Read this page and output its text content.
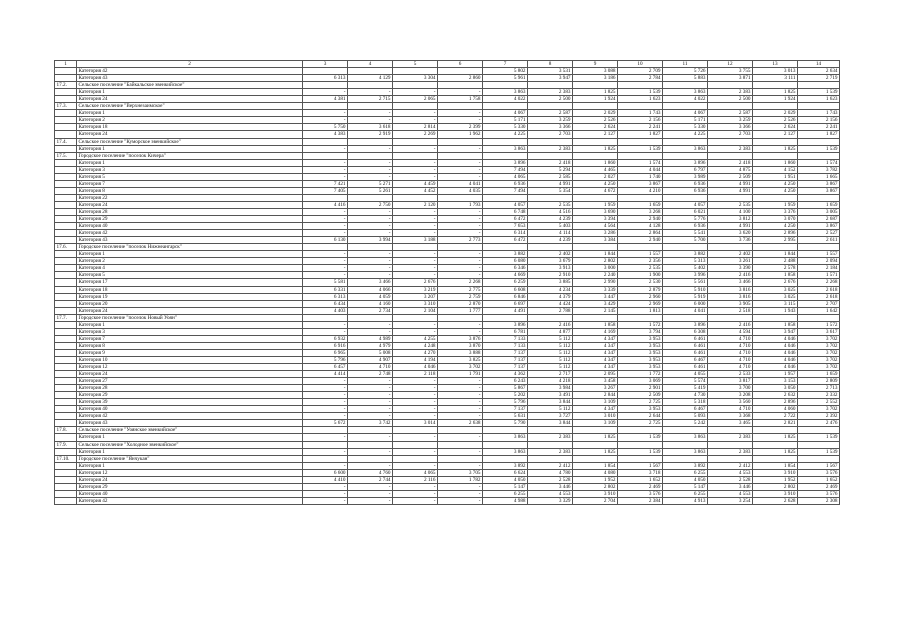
1	2	3	4	5	6	7	8	9	10	11	12	13	14
	Категория 42					5 802	3 531	3 088	2 709	5 726	3 755	3 013	2 634
	Категория 43	6 313	4 129	3 304	2 860	5 961	3 947	3 186	2 784	5 883	3 871	3 111	2 719
17.2.	Сельское поселение "Байкальское эвенкийское"												
	Категория 1	-	-	-	-	3 863	2 383	1 825	1 539	3 863	2 383	1 825	1 539
	Категория 24	4 381	2 715	2 065	1 758	4 022	2 500	1 924	1 623	4 022	2 500	1 924	1 623
17.3.	Сельское поселение "Верхнезаимское"												
	Категория 1	-	-	-	-	4 067	2 587	2 029	1 743	4 067	2 587	2 029	1 743
	Категория 2	-	-	-	-	5 171	3 259	2 526	2 156	5 171	3 259	2 526	2 156
	Категория 18	5 750	3 618	2 814	2 399	5 330	3 366	2 624	2 241	5 330	3 366	2 624	2 241
	Категория 24	4 383	2 919	2 269	1 962	4 225	2 703	2 127	1 827	4 225	2 703	2 127	1 827
17.4.	Сельское поселение "Куморское эвенкийское"												
	Категория 1	-	-	-	-	3 863	2 383	1 825	1 539	3 863	2 383	1 825	1 539
17.5.	Городское поселение "поселок Кичера"												
	Категория 1	-	-	-	-	3 896	2 418	1 860	1 574	3 896	2 418	1 860	1 574
	Категория 3	-	-	-	-	7 494	5 294	4 465	4 044	6 797	4 875	4 152	3 782
	Категория 5	-	-	-	-	4 065	2 585	2 027	1 740	3 989	2 509	1 951	1 665
	Категория 7	7 421	5 271	4 459	4 041	6 936	4 991	4 250	3 867	6 936	4 991	4 250	3 867
	Категория 8	7 405	5 261	4 452	4 035	7 494	5 354	4 672	4 210	6 936	4 991	4 250	3 867
	Категория 22												
	Категория 24	4 416	2 750	2 120	1 793	4 057	2 535	1 959	1 659	4 057	2 535	1 959	1 659
	Категория 28	-	-	-	-	6 748	4 516	3 690	3 268	6 021	4 100	3 376	3 005
	Категория 29	-	-	-	-	6 472	4 239	3 394	2 940	5 776	3 812	3 070	2 687
	Категория 40	-	-	-	-	7 653	5 403	4 564	4 128	6 936	4 991	4 250	3 867
	Категория 42	-	-	-	-	6 314	4 114	3 286	2 864	5 541	3 620	2 896	2 527
	Категория 43	6 130	3 994	3 188	2 773	6 472	4 239	3 384	2 940	5 700	3 736	2 995	2 611
17.6.	Городское поселение "поселок Нижнеангарск"												
	Категория 1	-	-	-	-	3 882	2 402	1 844	1 557	3 882	2 402	1 844	1 557
	Категория 2	-	-	-	-	6 080	3 679	2 802	2 356	5 313	3 261	2 488	2 094
	Категория 4	-	-	-	-	6 346	3 913	3 000	2 535	5 402	3 390	2 578	2 184
	Категория 5	-	-	-	-	4 669	2 910	2 240	1 900	3 996	2 416	1 858	1 571
	Категория 17	5 581	3 466	2 676	2 268	6 259	3 885	2 990	2 530	5 561	3 466	2 676	2 268
	Категория 18	6 331	4 066	3 219	2 775	6 608	4 234	3 339	2 879	5 910	3 816	3 025	2 618
	Категория 19	6 313	4 059	3 207	2 759	6 846	4 379	3 447	2 960	5 919	3 816	3 025	2 618
	Категория 20	6 434	4 160	3 310	2 870	6 697	4 424	3 429	2 969	6 000	3 905	3 115	2 707
	Категория 24	4 403	2 734	2 104	1 777	4 491	2 788	2 145	1 813	4 041	2 518	1 943	1 642
17.7.	Городское поселение "поселок Новый Уоян"												
	Категория 1	-	-	-	-	3 896	2 416	1 858	1 572	3 896	2 416	1 858	1 572
	Категория 3	-	-	-	-	6 781	4 877	4 169	3 794	6 308	4 594	3 947	3 617
	Категория 7	6 932	4 989	4 255	3 876	7 133	5 112	4 347	3 953	6 461	4 710	4 046	3 702
	Категория 8	6 916	4 979	4 248	3 870	7 133	5 112	4 347	3 953	6 461	4 710	4 046	3 702
	Категория 9	6 965	5 008	4 270	3 888	7 137	5 112	4 347	3 953	6 461	4 710	4 046	3 702
	Категория 10	5 796	4 907	4 194	3 825	7 137	5 112	4 347	3 953	6 467	4 710	4 046	3 702
	Категория 12	6 457	4 710	4 046	3 702	7 137	5 112	4 347	3 953	6 461	4 710	4 046	3 702
	Категория 24	4 414	2 748	2 118	1 791	4 362	2 717	2 095	1 772	4 055	2 533	1 957	1 659
	Категория 27	-	-	-	-	6 243	4 218	3 458	3 069	5 574	3 817	3 153	2 809
	Категория 28	-	-	-	-	5 867	3 984	3 267	2 901	5 419	3 700	3 050	2 713
	Категория 29	-	-	-	-	5 202	3 491	2 844	2 509	4 730	3 208	2 632	2 332
	Категория 39	-	-	-	-	5 796	3 844	3 109	2 725	5 318	3 560	2 896	2 552
	Категория 40	-	-	-	-	7 137	5 112	4 347	3 953	6 467	4 710	4 060	3 702
	Категория 42	-	-	-	-	5 631	3 727	3 010	2 644	5 093	3 368	2 722	2 392
	Категория 43	5 672	3 742	3 014	2 638	5 790	3 844	3 109	2 725	5 242	3 465	2 821	2 476
17.8.	Сельское поселение "Уоянское эвенкийское"												
	Категория 1	-	-	-	-	3 863	2 383	1 825	1 539	3 863	2 383	1 825	1 539
17.9.	Сельское поселение "Холодное эвенкийское"												
	Категория 1	-	-	-	-	3 863	2 383	1 825	1 539	3 863	2 383	1 825	1 539
17.10.	Городское поселение "Янчукан"												
	Категория 1	-	-	-	-	3 892	2 412	1 854	1 567	3 892	2 412	1 854	1 567
	Категория 12	6 600	4 760	4 065	3 705	6 624	4 780	4 080	3 718	6 255	4 553	3 910	3 576
	Категория 24	4 410	2 744	2 116	1 782	4 050	2 528	1 952	1 652	4 050	2 528	1 952	1 652
	Категория 29	-	-	-	-	5 147	3 446	2 802	2 469	5 147	3 446	2 802	2 469
	Категория 40	-	-	-	-	6 255	4 553	3 910	3 576	6 255	4 553	3 910	3 576
	Категория 42	-	-	-	-	4 988	3 329	2 704	2 384	4 913	3 254	2 628	2 308
